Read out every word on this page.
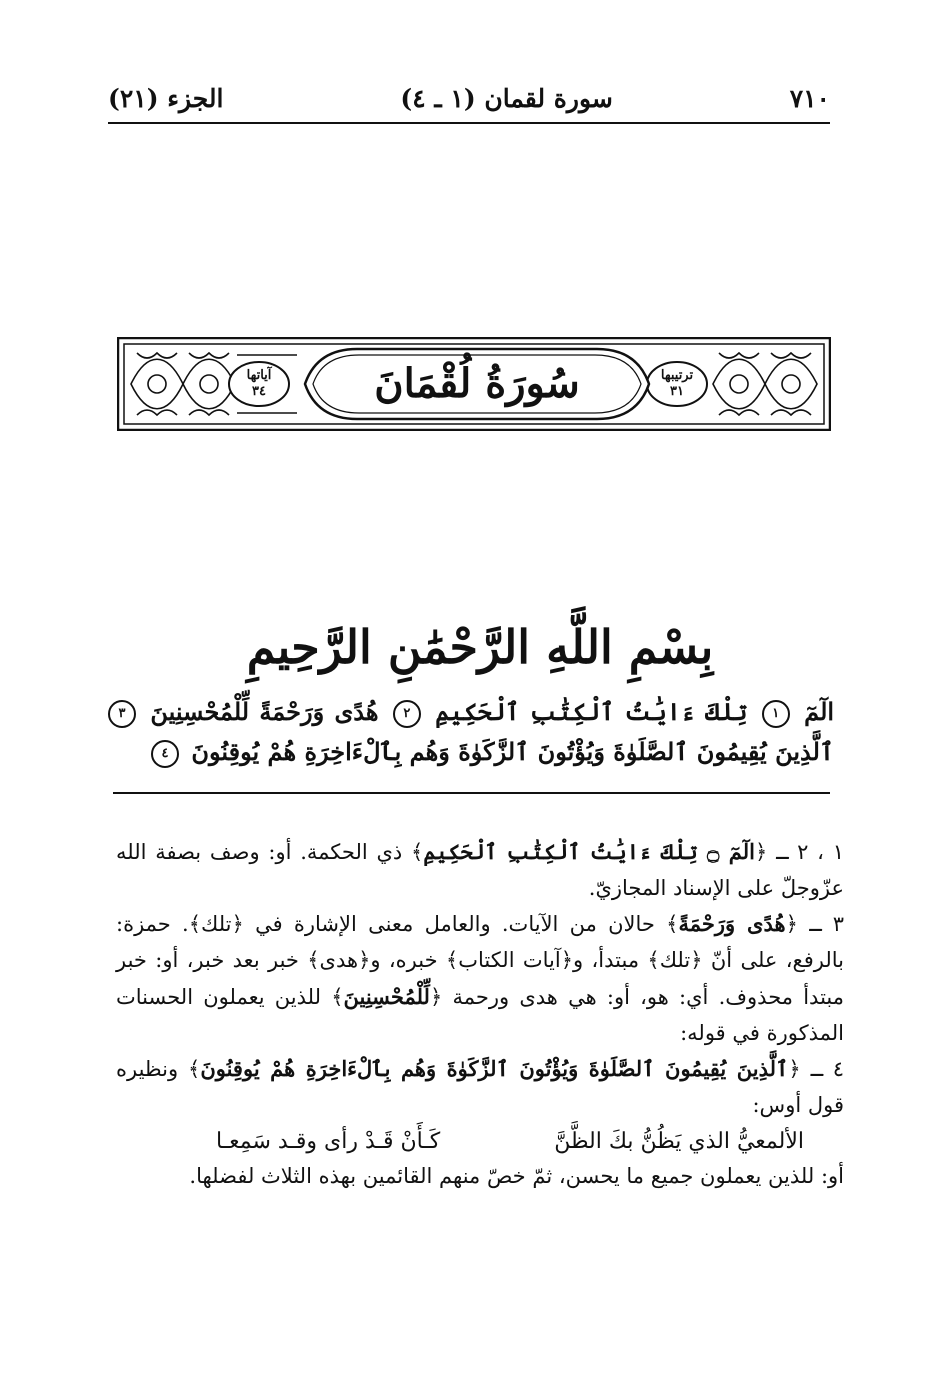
٧١٠
سورة لقمان (١ ـ ٤)
الجزء (٢١)
سُورَةُ لُقْمَانَ
آياتها
٣٤
ترتيبها
٣١
بِسْمِ اللَّهِ الرَّحْمَٰنِ الرَّحِيمِ
الٓمٓ ١ تِلْكَ ءَايَٰتُ ٱلْكِتَٰبِ ٱلْحَكِيمِ ٢ هُدًى وَرَحْمَةً لِّلْمُحْسِنِينَ ٣ ٱلَّذِينَ يُقِيمُونَ ٱلصَّلَوٰةَ وَيُؤْتُونَ ٱلزَّكَوٰةَ وَهُم بِٱلْءَاخِرَةِ هُمْ يُوقِنُونَ ٤

١ ، ٢ ـ ﴿الٓمٓ ۝ تِلْكَ ءَايَٰتُ ٱلْكِتَٰبِ ٱلْحَكِيمِ﴾ ذي الحكمة. أو: وصف بصفة الله عزّوجلّ على الإسناد المجازيّ.

٣ ـ ﴿هُدًى وَرَحْمَةً﴾ حالان من الآيات. والعامل معنى الإشارة في ﴿تلك﴾. حمزة: بالرفع، على أنّ ﴿تلك﴾ مبتدأ، و﴿آيات الكتاب﴾ خبره، و﴿هدى﴾ خبر بعد خبر، أو: خبر مبتدأ محذوف. أي: هو، أو: هي هدى ورحمة ﴿لِّلْمُحْسِنِينَ﴾ للذين يعملون الحسنات المذكورة في قوله:

٤ ـ ﴿ٱلَّذِينَ يُقِيمُونَ ٱلصَّلَوٰةَ وَيُؤْتُونَ ٱلزَّكَوٰةَ وَهُم بِٱلْءَاخِرَةِ هُمْ يُوقِنُونَ﴾ ونظيره قول أوس:

الألمعيُّ الذي يَظُنُّ بكَ الظَّنَّ
كَـأَنْ قَـدْ رأى وقـد سَمِعـا

أو: للذين يعملون جميع ما يحسن، ثمّ خصّ منهم القائمين بهذه الثلاث لفضلها.
